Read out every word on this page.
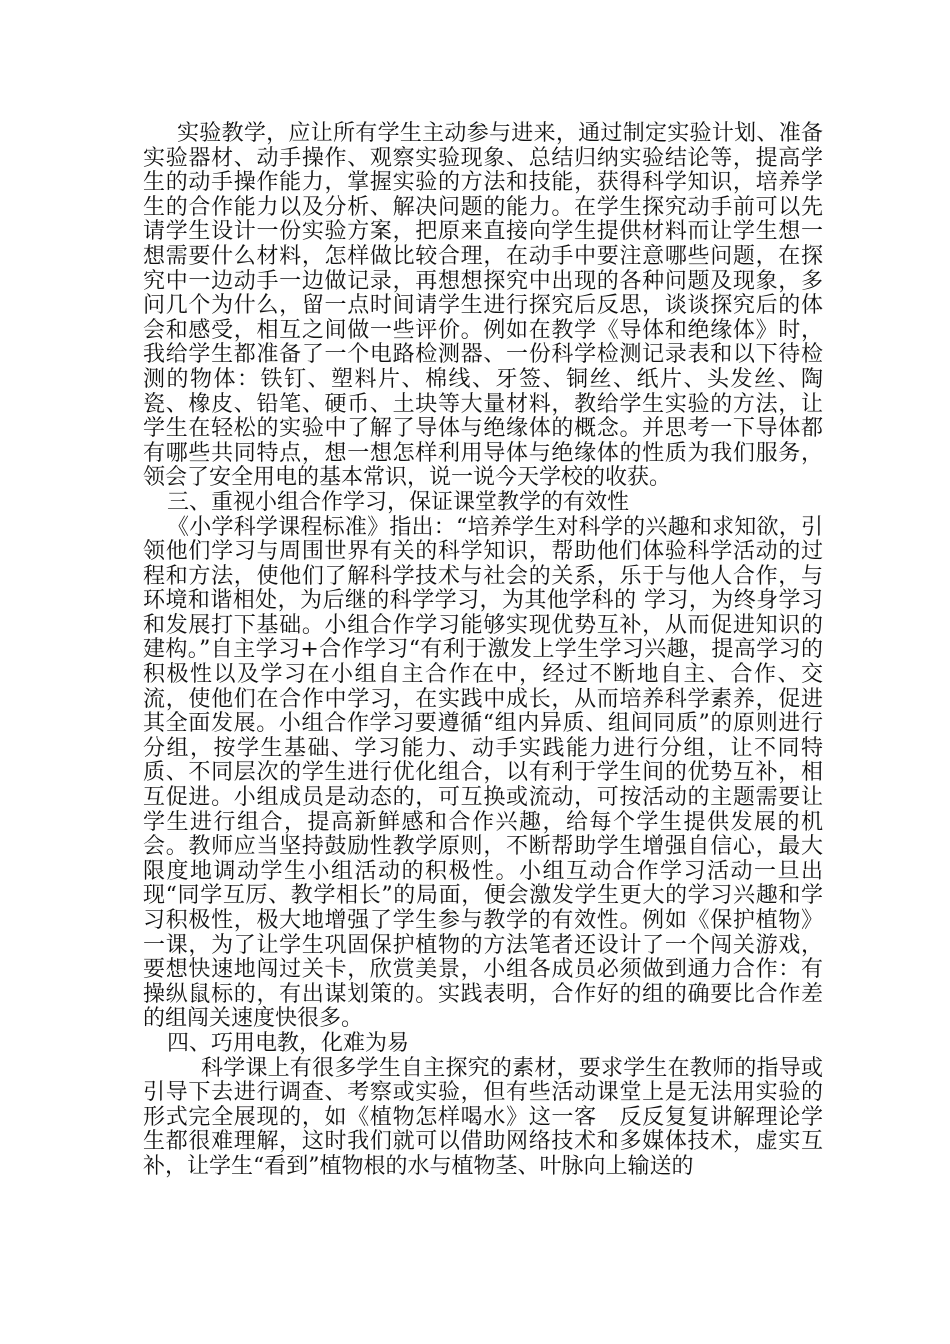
实验教学，应让所有学生主动参与进来，通过制定实验计划、准备实验器材、动手操作、观察实验现象、总结归纳实验结论等，提高学生的动手操作能力，掌握实验的方法和技能，获得科学知识，培养学生的合作能力以及分析、解决问题的能力。在学生探究动手前可以先请学生设计一份实验方案，把原来直接向学生提供材料而让学生想一想需要什么材料，怎样做比较合理，在动手中要注意哪些问题，在探究中一边动手一边做记录，再想想探究中出现的各种问题及现象，多问几个为什么，留一点时间请学生进行探究后反思，谈谈探究后的体会和感受，相互之间做一些评价。例如在教学《导体和绝缘体》时，我给学生都准备了一个电路检测器、一份科学检测记录表和以下待检测的物体：铁钉、塑料片、棉线、牙签、铜丝、纸片、头发丝、陶瓷、橡皮、铅笔、硬币、土块等大量材料，教给学生实验的方法，让学生在轻松的实验中了解了导体与绝缘体的概念。并思考一下导体都有哪些共同特点，想一想怎样利用导体与绝缘体的性质为我们服务，领会了安全用电的基本常识，说一说今天学校的收获。

三、重视小组合作学习，保证课堂教学的有效性

《小学科学课程标准》指出：“培养学生对科学的兴趣和求知欲，引领他们学习与周围世界有关的科学知识，帮助他们体验科学活动的过程和方法，使他们了解科学技术与社会的关系，乐于与他人合作，与环境和谐相处，为后继的科学学习，为其他学科的 学习，为终身学习和发展打下基础。小组合作学习能够实现优势互补，从而促进知识的建构。”自主学习+合作学习“有利于激发上学生学习兴趣，提高学习的积极性以及学习在小组自主合作在中，经过不断地自主、合作、交流，使他们在合作中学习，在实践中成长，从而培养科学素养，促进其全面发展。小组合作学习要遵循“组内异质、组间同质”的原则进行分组，按学生基础、学习能力、动手实践能力进行分组，让不同特质、不同层次的学生进行优化组合，以有利于学生间的优势互补，相互促进。小组成员是动态的，可互换或流动，可按活动的主题需要让学生进行组合，提高新鲜感和合作兴趣，给每个学生提供发展的机会。教师应当坚持鼓励性教学原则，不断帮助学生增强自信心，最大限度地调动学生小组活动的积极性。小组互动合作学习活动一旦出现“同学互厉、教学相长”的局面，便会激发学生更大的学习兴趣和学习积极性，极大地增强了学生参与教学的有效性。例如《保护植物》一课，为了让学生巩固保护植物的方法笔者还设计了一个闯关游戏，要想快速地闯过关卡，欣赏美景，小组各成员必须做到通力合作：有操纵鼠标的，有出谋划策的。实践表明，合作好的组的确要比合作差的组闯关速度快很多。

四、巧用电教，化难为易

科学课上有很多学生自主探究的素材，要求学生在教师的指导或引导下去进行调查、考察或实验，但有些活动课堂上是无法用实验的形式完全展现的，如《植物怎样喝水》这一客　反反复复讲解理论学生都很难理解，这时我们就可以借助网络技术和多媒体技术，虚实互补，让学生“看到”植物根的水与植物茎、叶脉向上输送的
